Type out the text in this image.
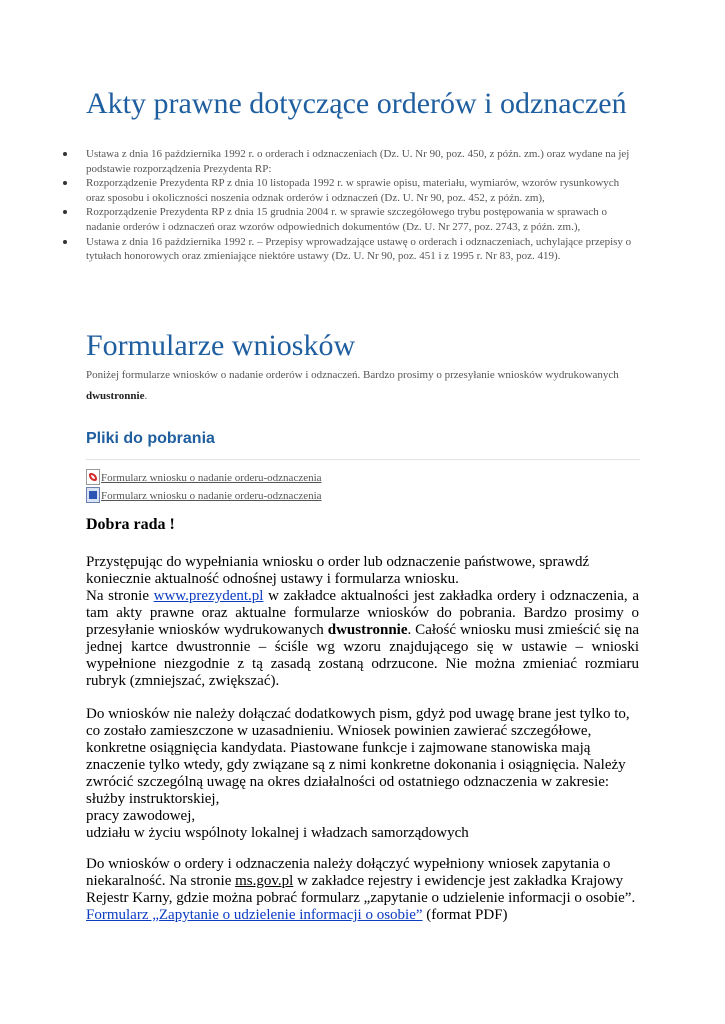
Akty prawne dotyczące orderów i odznaczeń
Ustawa z dnia 16 października 1992 r. o orderach i odznaczeniach (Dz. U. Nr 90, poz. 450, z późn. zm.) oraz wydane na jej podstawie rozporządzenia Prezydenta RP:
Rozporządzenie Prezydenta RP z dnia 10 listopada 1992 r. w sprawie opisu, materiału, wymiarów, wzorów rysunkowych oraz sposobu i okoliczności noszenia odznak orderów i odznaczeń (Dz. U. Nr 90, poz. 452, z późn. zm),
Rozporządzenie Prezydenta RP z dnia 15 grudnia 2004 r. w sprawie szczegółowego trybu postępowania w sprawach o nadanie orderów i odznaczeń oraz wzorów odpowiednich dokumentów (Dz. U. Nr 277, poz. 2743, z późn. zm.),
Ustawa z dnia 16 października 1992 r. – Przepisy wprowadzające ustawę o orderach i odznaczeniach, uchylające przepisy o tytułach honorowych oraz zmieniające niektóre ustawy (Dz. U. Nr 90, poz. 451 i z 1995 r. Nr 83, poz. 419).
Formularze wniosków

Poniżej formularze wniosków o nadanie orderów i odznaczeń. Bardzo prosimy o przesyłanie wniosków wydrukowanych dwustronnie.

Pliki do pobrania
Formularz wniosku o nadanie orderu-odznaczenia
Formularz wniosku o nadanie orderu-odznaczenia
Dobra rada !
Przystępując do wypełniania wniosku o order lub odznaczenie państwowe, sprawdź koniecznie aktualność odnośnej ustawy i formularza wniosku.
Na stronie www.prezydent.pl w zakładce aktualności jest zakładka ordery i odznaczenia, a tam akty prawne oraz aktualne formularze wniosków do pobrania. Bardzo prosimy o przesyłanie wniosków wydrukowanych dwustronnie. Całość wniosku musi zmieścić się na jednej kartce dwustronnie – ściśle wg wzoru znajdującego się w ustawie – wnioski wypełnione niezgodnie z tą zasadą zostaną odrzucone. Nie można zmieniać rozmiaru rubryk (zmniejszać, zwiększać).
Do wniosków nie należy dołączać dodatkowych pism, gdyż pod uwagę brane jest tylko to, co zostało zamieszczone w uzasadnieniu. Wniosek powinien zawierać szczegółowe, konkretne osiągnięcia kandydata. Piastowane funkcje i zajmowane stanowiska mają znaczenie tylko wtedy, gdy związane są z nimi konkretne dokonania i osiągnięcia. Należy zwrócić szczególną uwagę na okres działalności od ostatniego odznaczenia w zakresie:
służby instruktorskiej,
pracy zawodowej,
udziału w życiu wspólnoty lokalnej i władzach samorządowych
Do wniosków o ordery i odznaczenia należy dołączyć wypełniony wniosek zapytania o niekaralność. Na stronie ms.gov.pl w zakładce rejestry i ewidencje jest zakładka Krajowy Rejestr Karny, gdzie można pobrać formularz „zapytanie o udzielenie informacji o osobie”.
Formularz „Zapytanie o udzielenie informacji o osobie” (format PDF)
